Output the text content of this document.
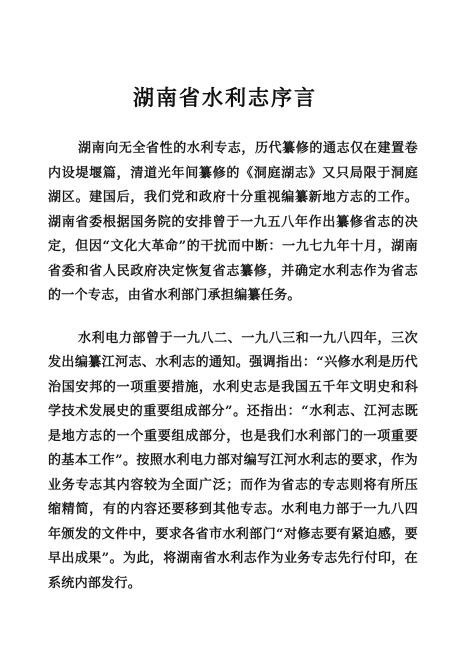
湖南省水利志序言

湖南向无全省性的水利专志，历代纂修的通志仅在建置卷内设堤堰篇，清道光年间纂修的《洞庭湖志》又只局限于洞庭湖区。建国后，我们党和政府十分重视编纂新地方志的工作。湖南省委根据国务院的安排曾于一九五八年作出纂修省志的决定，但因“文化大革命”的干扰而中断：一九七九年十月，湖南省委和省人民政府决定恢复省志纂修，并确定水利志作为省志的一个专志，由省水利部门承担编纂任务。

水利电力部曾于一九八二、一九八三和一九八四年，三次发出编纂江河志、水利志的通知。强调指出：“兴修水利是历代治国安邦的一项重要措施，水利史志是我国五千年文明史和科学技术发展史的重要组成部分”。还指出：“水利志、江河志既是地方志的一个重要组成部分，也是我们水利部门的一项重要的基本工作”。按照水利电力部对编写江河水利志的要求，作为业务专志其内容较为全面广泛；而作为省志的专志则将有所压缩精简，有的内容还要移到其他专志。水利电力部于一九八四年颁发的文件中，要求各省市水利部门“对修志要有紧迫感，要早出成果”。为此，将湖南省水利志作为业务专志先行付印，在系统内部发行。
